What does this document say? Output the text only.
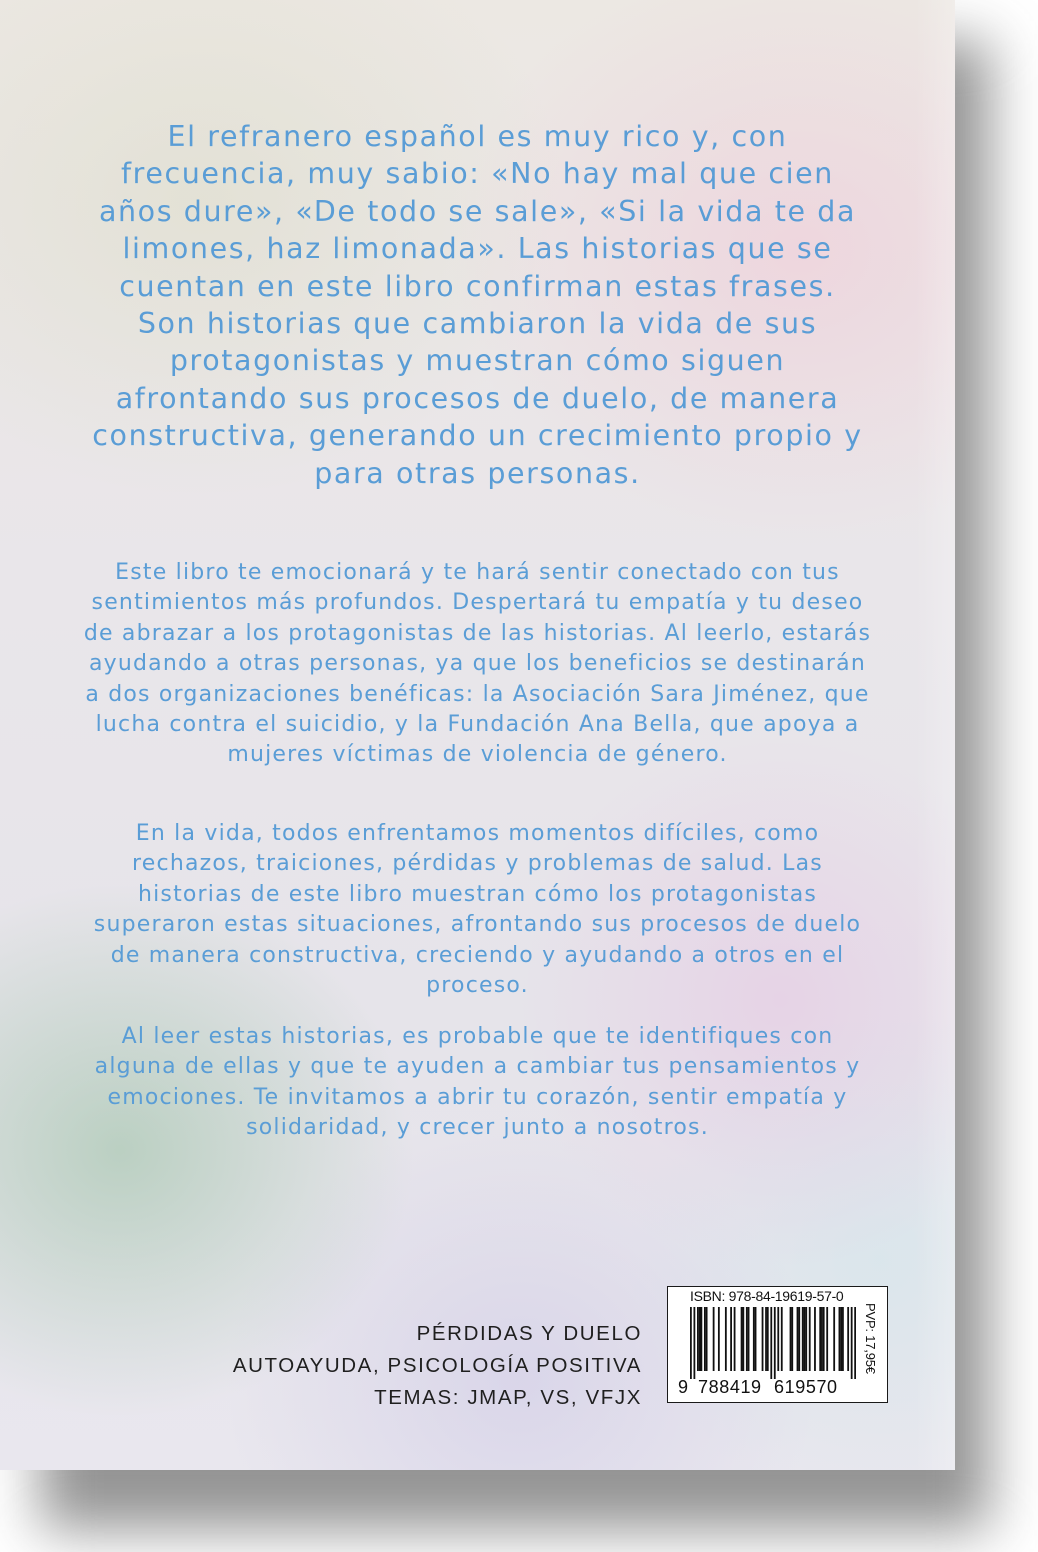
El refranero español es muy rico y, con frecuencia, muy sabio: «No hay mal que cien años dure», «De todo se sale», «Si la vida te da limones, haz limonada». Las historias que se cuentan en este libro confirman estas frases. Son historias que cambiaron la vida de sus protagonistas y muestran cómo siguen afrontando sus procesos de duelo, de manera constructiva, generando un crecimiento propio y para otras personas.

Este libro te emocionará y te hará sentir conectado con tus sentimientos más profundos. Despertará tu empatía y tu deseo de abrazar a los protagonistas de las historias. Al leerlo, estarás ayudando a otras personas, ya que los beneficios se destinarán a dos organizaciones benéficas: la Asociación Sara Jiménez, que lucha contra el suicidio, y la Fundación Ana Bella, que apoya a mujeres víctimas de violencia de género.

En la vida, todos enfrentamos momentos difíciles, como rechazos, traiciones, pérdidas y problemas de salud. Las historias de este libro muestran cómo los protagonistas superaron estas situaciones, afrontando sus procesos de duelo de manera constructiva, creciendo y ayudando a otros en el proceso.

Al leer estas historias, es probable que te identifiques con alguna de ellas y que te ayuden a cambiar tus pensamientos y emociones. Te invitamos a abrir tu corazón, sentir empatía y solidaridad, y crecer junto a nosotros.

PÉRDIDAS Y DUELO
AUTOAYUDA, PSICOLOGÍA POSITIVA
TEMAS: JMAP, VS, VFJX
ISBN: 978-84-19619-57-0
9 788419 619570
PVP: 17,95€
